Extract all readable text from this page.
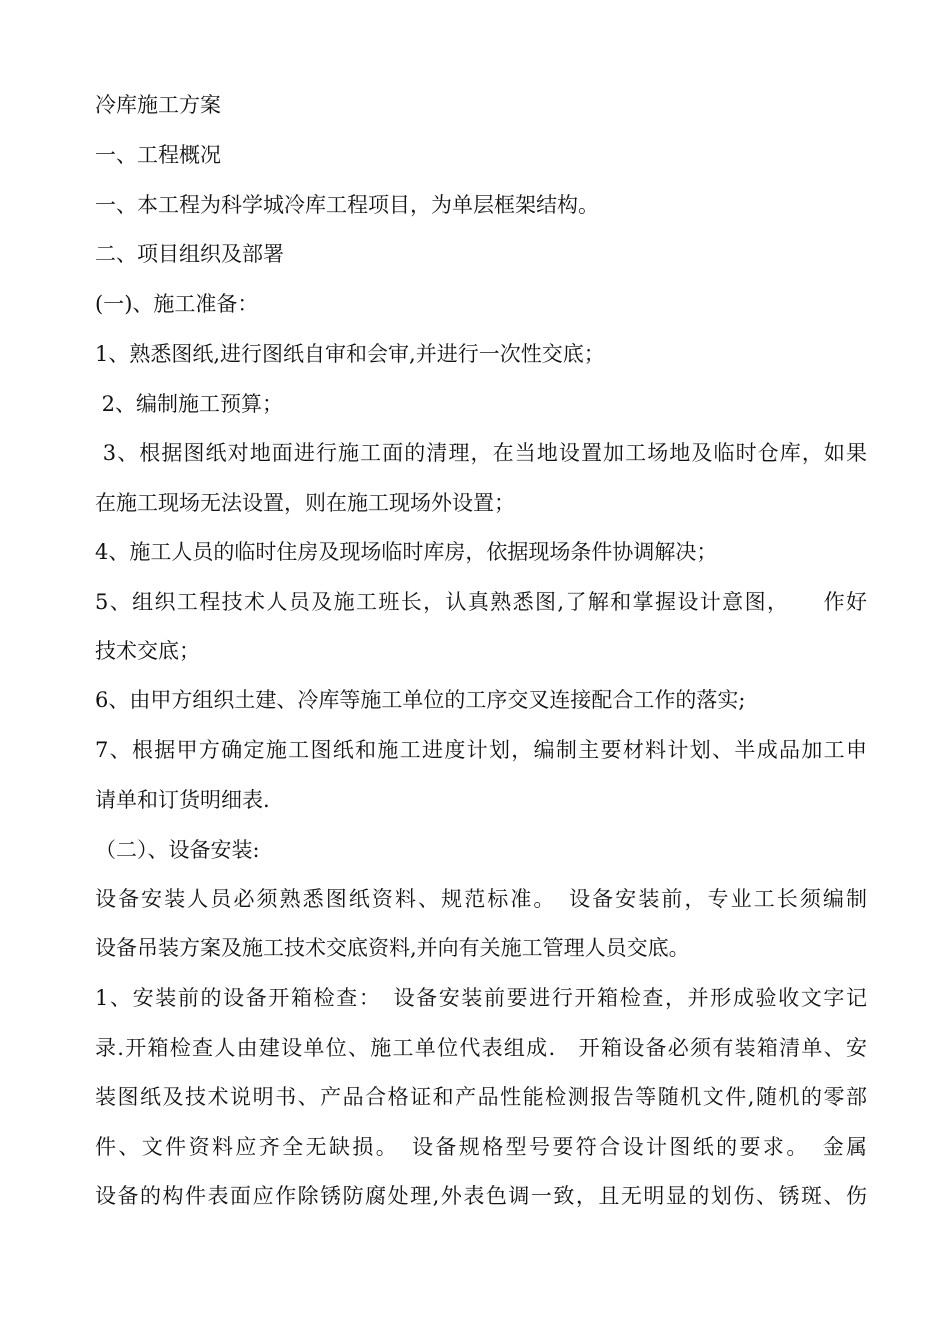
冷库施工方案
一、工程概况
一、本工程为科学城冷库工程项目，为单层框架结构。
二、项目组织及部署
(一)、施工准备：
1、熟悉图纸,进行图纸自审和会审,并进行一次性交底；
2、编制施工预算；
3、根据图纸对地面进行施工面的清理，在当地设置加工场地及临时仓库，如果
在施工现场无法设置，则在施工现场外设置；
4、施工人员的临时住房及现场临时库房，依据现场条件协调解决；
5、组织工程技术人员及施工班长，认真熟悉图,了解和掌握设计意图，　　作好
技术交底；
6、由甲方组织土建、冷库等施工单位的工序交叉连接配合工作的落实;
7、根据甲方确定施工图纸和施工进度计划，编制主要材料计划、半成品加工申
请单和订货明细表.
（二）、设备安装:
设备安装人员必须熟悉图纸资料、规范标准。　设备安装前，专业工长须编制
设备吊装方案及施工技术交底资料,并向有关施工管理人员交底。
1、安装前的设备开箱检查：　设备安装前要进行开箱检查，并形成验收文字记
录.开箱检查人由建设单位、施工单位代表组成.　开箱设备必须有装箱清单、安
装图纸及技术说明书、产品合格证和产品性能检测报告等随机文件,随机的零部
件、文件资料应齐全无缺损。　设备规格型号要符合设计图纸的要求。　金属
设备的构件表面应作除锈防腐处理,外表色调一致，且无明显的划伤、锈斑、伤
